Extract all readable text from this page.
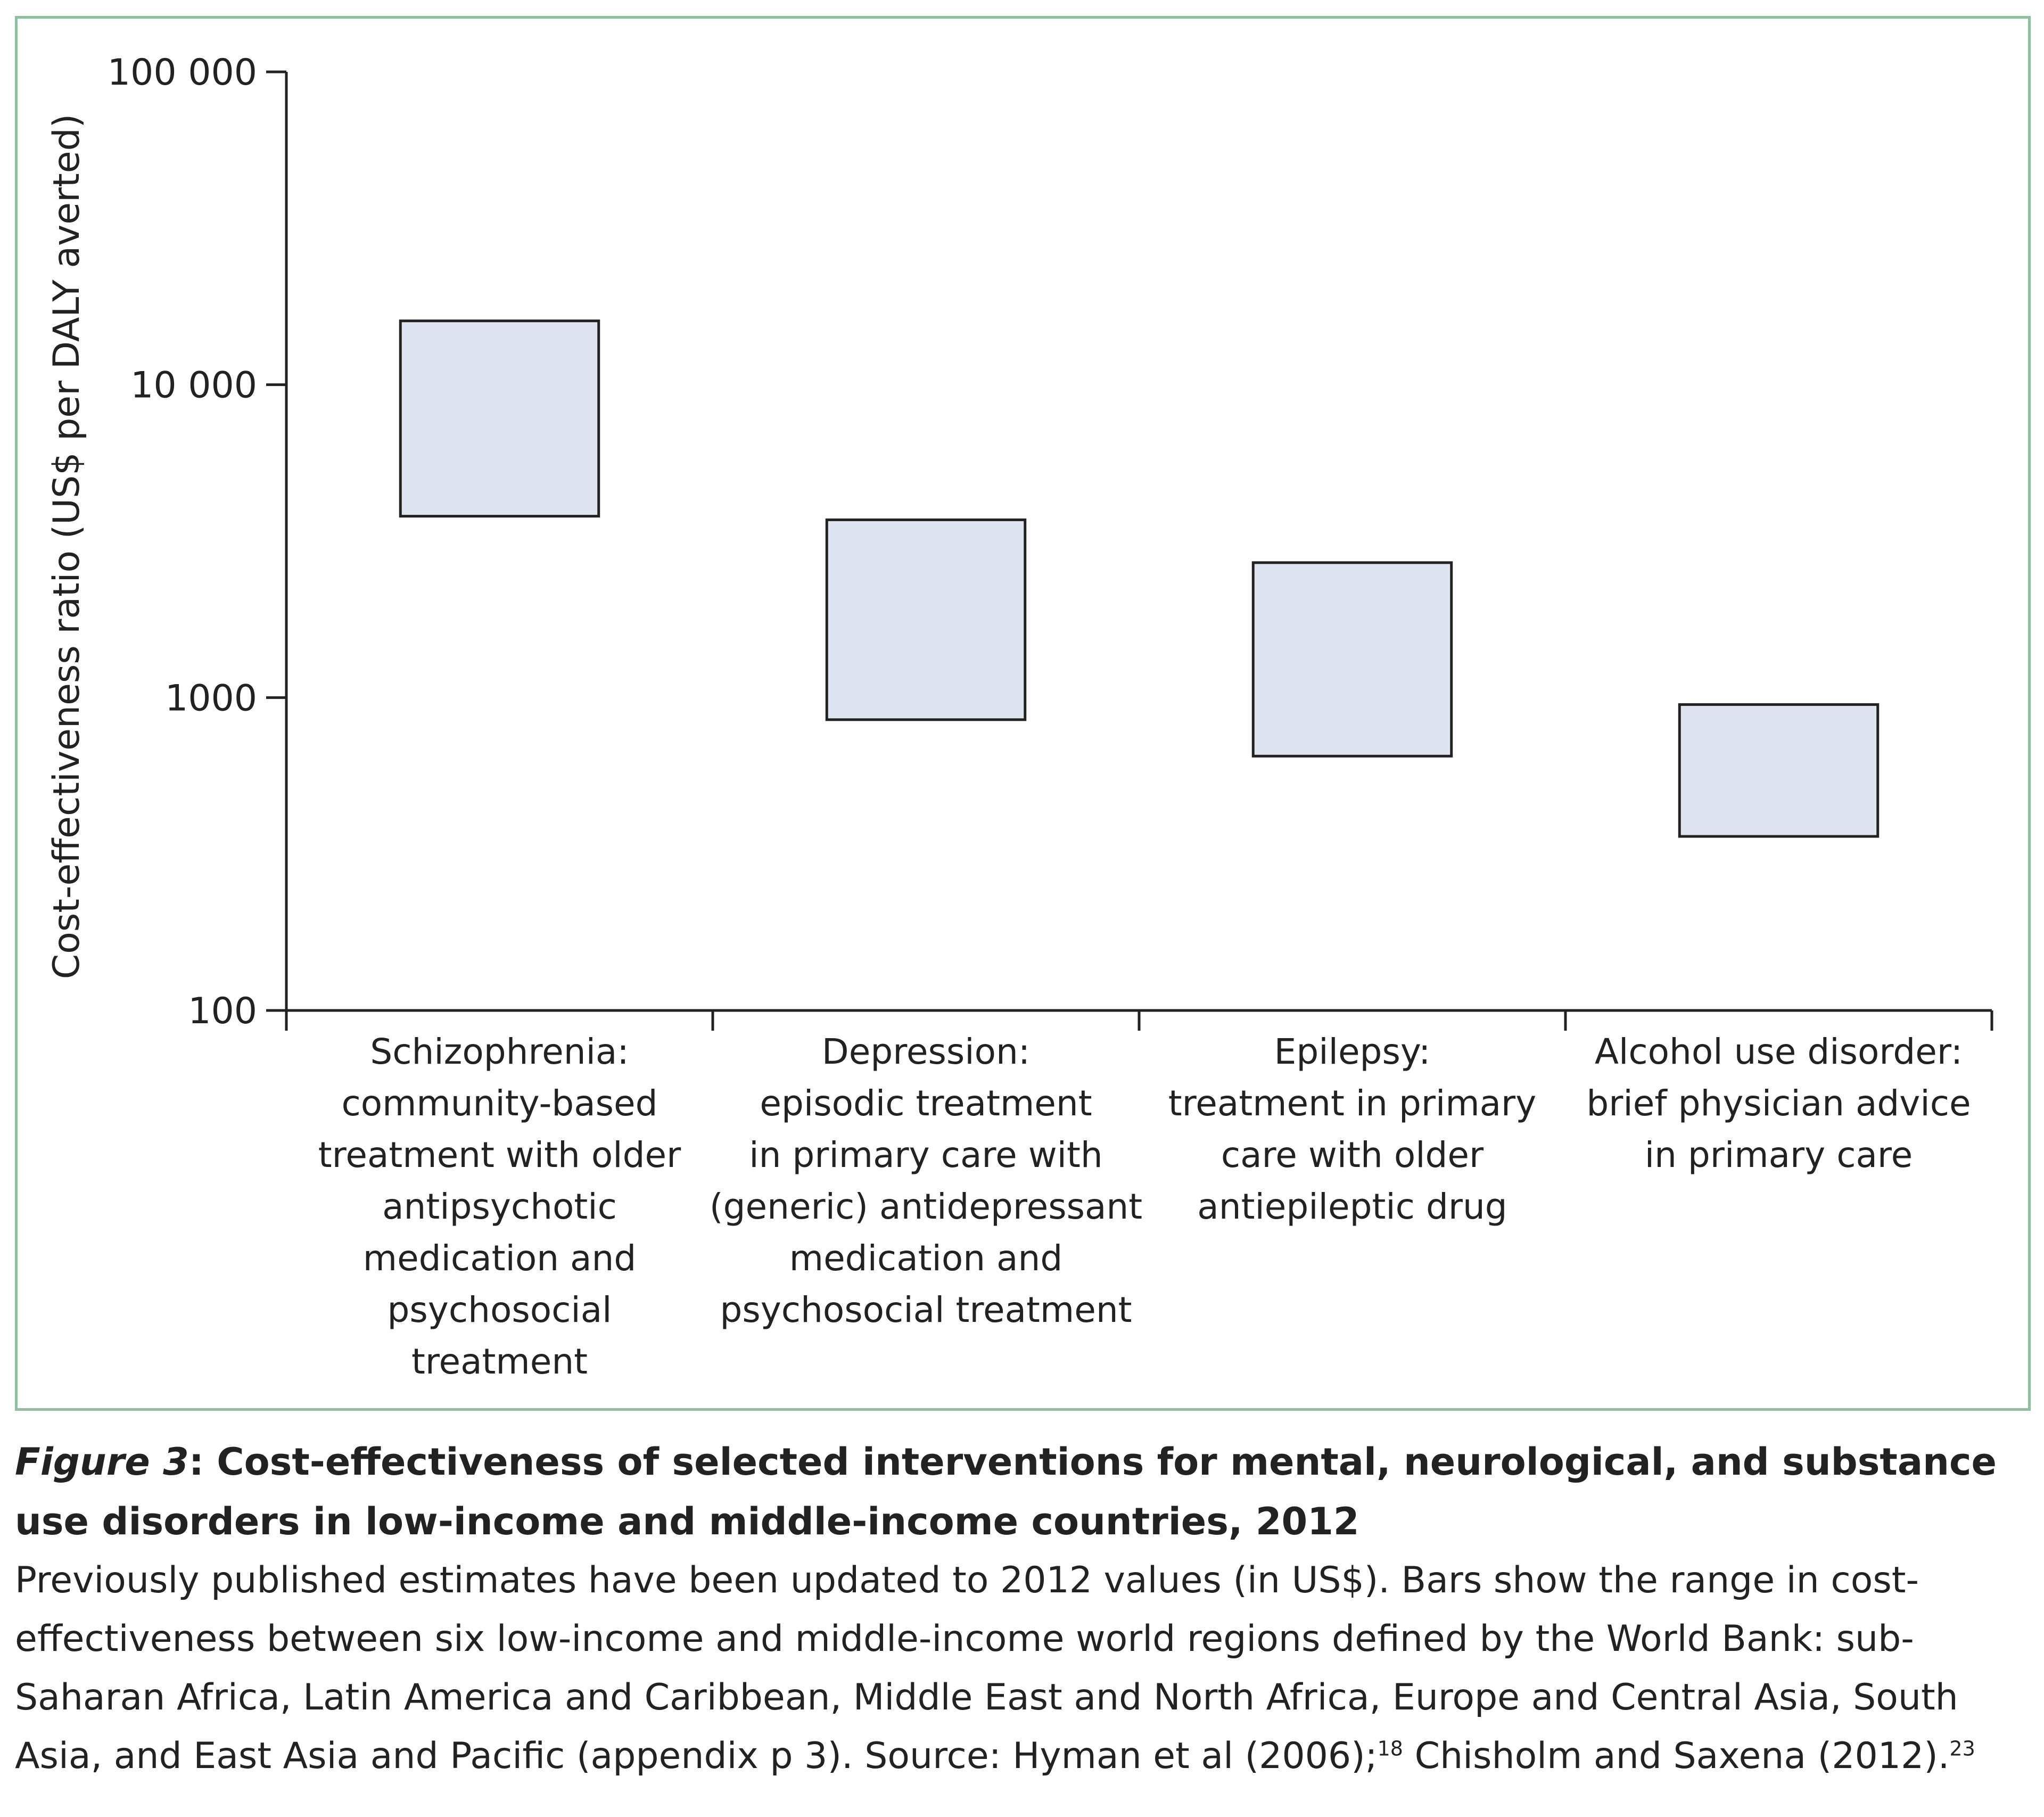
100
1000
10 000
100 000
Cost-effectiveness ratio (US$ per DALY averted)
Schizophrenia:
community-based
treatment with older
antipsychotic
medication and
psychosocial
treatment
Depression:
episodic treatment
in primary care with
(generic) antidepressant
medication and
psychosocial treatment
Epilepsy:
treatment in primary
care with older
antiepileptic drug
Alcohol use disorder:
brief physician advice
in primary care

Figure 3: Cost-effectiveness of selected interventions for mental, neurological, and substance use disorders in low-income and middle-income countries, 2012

Previously published estimates have been updated to 2012 values (in US$). Bars show the range in cost-effectiveness between six low-income and middle-income world regions defined by the World Bank: sub-Saharan Africa, Latin America and Caribbean, Middle East and North Africa, Europe and Central Asia, South Asia, and East Asia and Pacific (appendix p 3). Source: Hyman et al (2006);$^{18}$ Chisholm and Saxena (2012).$^{23}$
